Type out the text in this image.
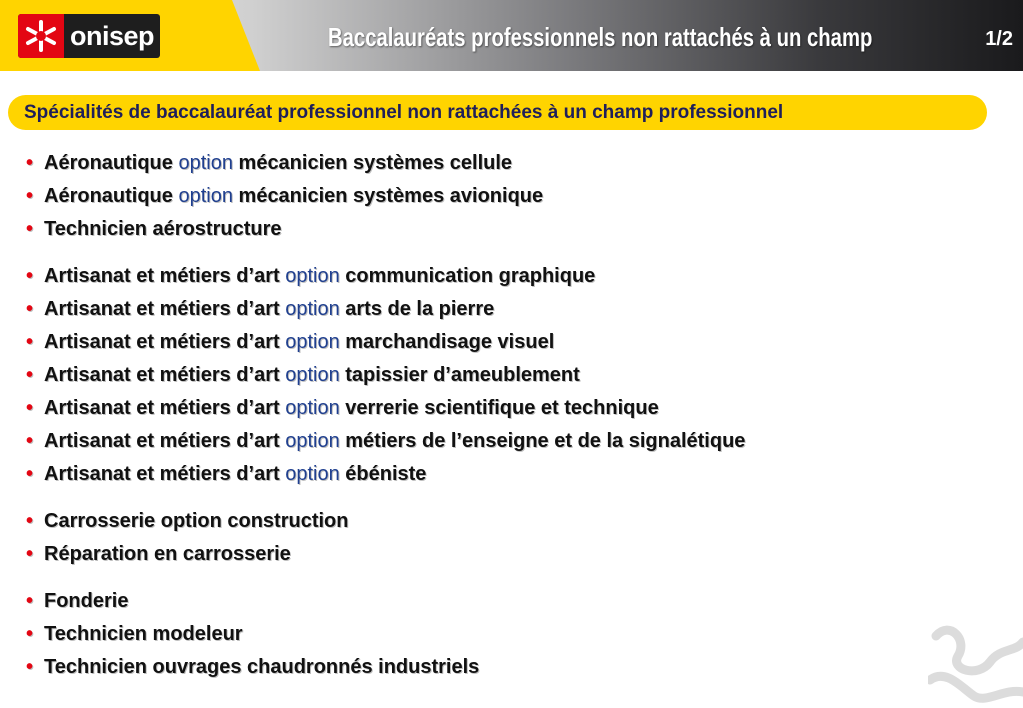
onisep	Baccalauréats professionnels non rattachés à un champ	1/2
Spécialités de baccalauréat professionnel non rattachées à un champ professionnel
• Aéronautique option mécanicien systèmes cellule
• Aéronautique option mécanicien systèmes avionique
• Technicien aérostructure
• Artisanat et métiers d’art option communication graphique
• Artisanat et métiers d’art option arts de la pierre
• Artisanat et métiers d’art option marchandisage visuel
• Artisanat et métiers d’art option tapissier d’ameublement
• Artisanat et métiers d’art option verrerie scientifique et technique
• Artisanat et métiers d’art option métiers de l’enseigne et de la signalétique
• Artisanat et métiers d’art option ébéniste
• Carrosserie option construction
• Réparation en carrosserie
• Fonderie
• Technicien modeleur
• Technicien ouvrages chaudronnés industriels
